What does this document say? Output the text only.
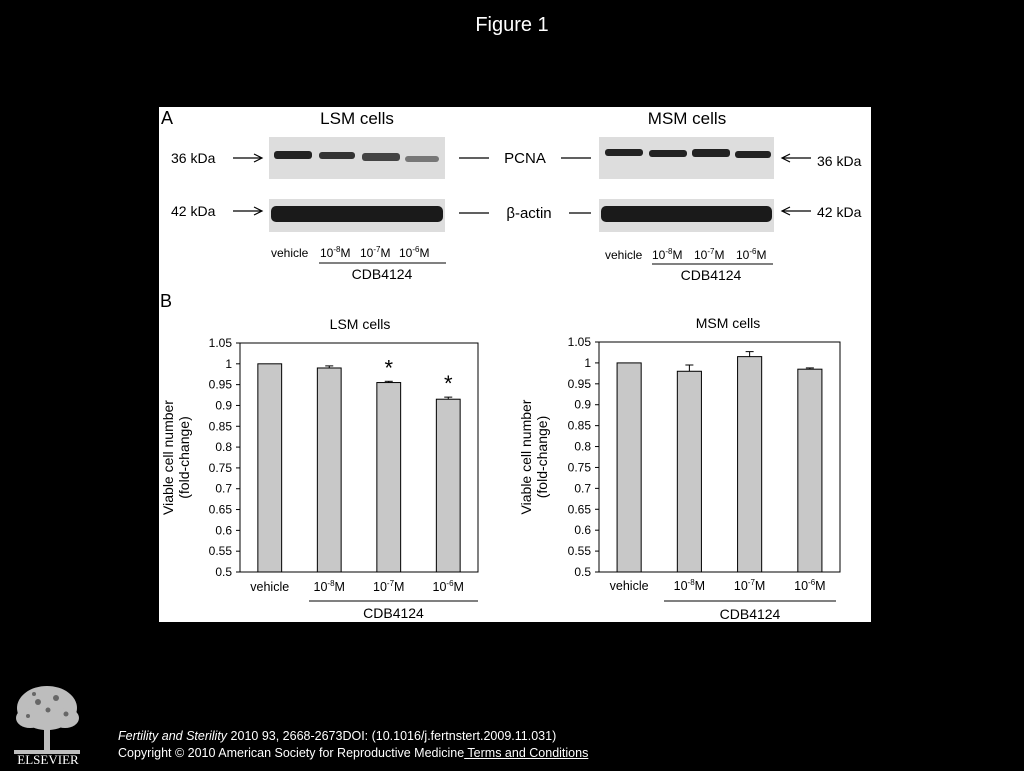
Figure 1
A	LSM cells	MSM cells
36 kDa
42 kDa
PCNA
β-actin
36 kDa
42 kDa
vehicle $10^{-8}M$ $10^{-7}M$ $10^{-6}M$
CDB4124
vehicle $10^{-8}M$ $10^{-7}M$ $10^{-6}M$
CDB4124
B
LSM cells
1.05
1
0.95
0.9
0.85
0.8
0.75
0.7
0.65
0.6
0.55
0.5
Viable cell number(fold-change)
vehicle $10^{-8}M$
*
$10^{-7}M$
*
$10^{-6}M$
CDB4124
MSM cells
1.05
1
0.95
0.9
0.85
0.8
0.75
0.7
0.65
0.6
0.55
0.5
Viable cell number(fold-change)
vehicle $10^{-8}M$ $10^{-7}M$ $10^{-6}M$
CDB4124
ELSEVIER
Fertility and Sterility 2010 93, 2668-2673DOI: (10.1016/j.fertnstert.2009.11.031)
Copyright © 2010 American Society for Reproductive Medicine Terms and Conditions
